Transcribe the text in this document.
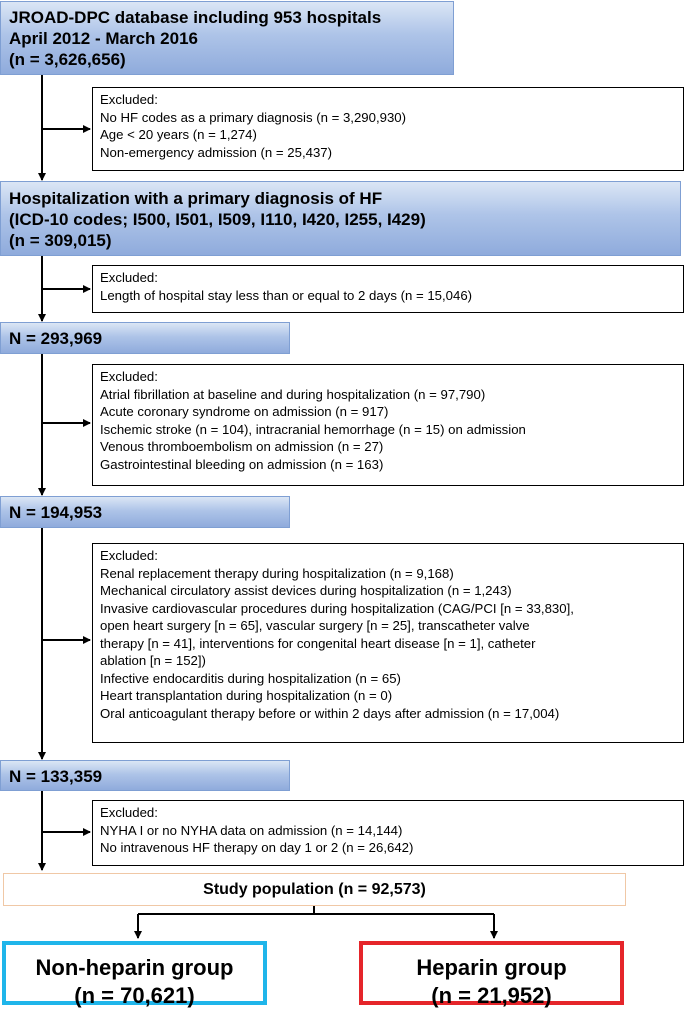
JROAD-DPC database including 953 hospitals
April 2012 - March 2016
(n = 3,626,656)
Hospitalization with a primary diagnosis of HF
(ICD-10 codes; I500, I501, I509, I110, I420, I255, I429)
(n = 309,015)
N = 293,969
N = 194,953
N = 133,359
Excluded:
No HF codes as a primary diagnosis (n = 3,290,930)
Age < 20 years (n = 1,274)
Non-emergency admission (n = 25,437)
Excluded:
Length of hospital stay less than or equal to 2 days (n = 15,046)
Excluded:
Atrial fibrillation at baseline and during hospitalization (n = 97,790)
Acute coronary syndrome on admission (n = 917)
Ischemic stroke (n = 104), intracranial hemorrhage (n = 15) on admission
Venous thromboembolism on admission (n = 27)
Gastrointestinal bleeding on admission (n = 163)
Excluded:
Renal replacement therapy during hospitalization (n = 9,168)
Mechanical circulatory assist devices during hospitalization (n = 1,243)
Invasive cardiovascular procedures during hospitalization (CAG/PCI [n = 33,830],
open heart surgery [n = 65], vascular surgery [n = 25], transcatheter valve
therapy [n = 41], interventions for congenital heart disease [n = 1], catheter
ablation [n = 152])
Infective endocarditis during hospitalization (n = 65)
Heart transplantation during hospitalization (n = 0)
Oral anticoagulant therapy before or within 2 days after admission (n = 17,004)
Excluded:
NYHA I or no NYHA data on admission (n = 14,144)
No intravenous HF therapy on day 1 or 2 (n = 26,642)
Study population (n = 92,573)
Non-heparin group
(n = 70,621)
Heparin group
(n = 21,952)
